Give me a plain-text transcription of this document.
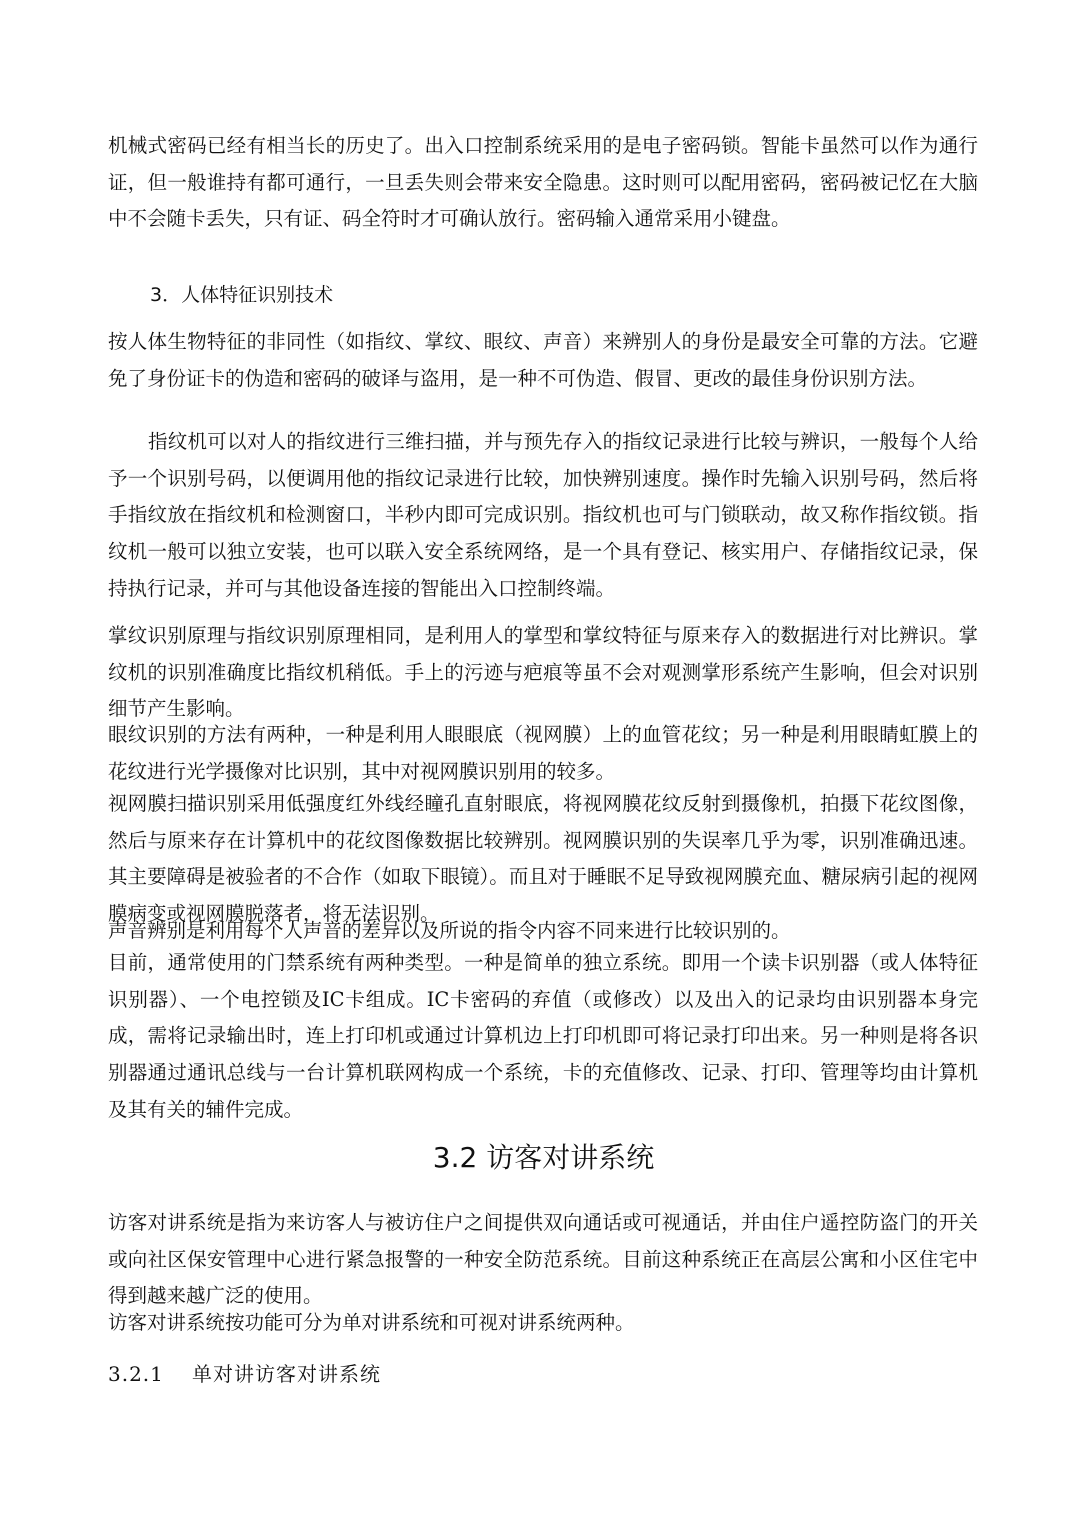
机械式密码已经有相当长的历史了。出入口控制系统采用的是电子密码锁。智能卡虽然可以作为通行证，但一般谁持有都可通行，一旦丢失则会带来安全隐患。这时则可以配用密码，密码被记忆在大脑中不会随卡丢失，只有证、码全符时才可确认放行。密码输入通常采用小键盘。

3．人体特征识别技术

按人体生物特征的非同性（如指纹、掌纹、眼纹、声音）来辨别人的身份是最安全可靠的方法。它避免了身份证卡的伪造和密码的破译与盗用，是一种不可伪造、假冒、更改的最佳身份识别方法。

指纹机可以对人的指纹进行三维扫描，并与预先存入的指纹记录进行比较与辨识，一般每个人给予一个识别号码，以便调用他的指纹记录进行比较，加快辨别速度。操作时先输入识别号码，然后将手指纹放在指纹机和检测窗口，半秒内即可完成识别。指纹机也可与门锁联动，故又称作指纹锁。指纹机一般可以独立安装，也可以联入安全系统网络，是一个具有登记、核实用户、存储指纹记录，保持执行记录，并可与其他设备连接的智能出入口控制终端。

掌纹识别原理与指纹识别原理相同，是利用人的掌型和掌纹特征与原来存入的数据进行对比辨识。掌纹机的识别准确度比指纹机稍低。手上的污迹与疤痕等虽不会对观测掌形系统产生影响，但会对识别细节产生影响。

眼纹识别的方法有两种，一种是利用人眼眼底（视网膜）上的血管花纹；另一种是利用眼睛虹膜上的花纹进行光学摄像对比识别，其中对视网膜识别用的较多。

视网膜扫描识别采用低强度红外线经瞳孔直射眼底，将视网膜花纹反射到摄像机，拍摄下花纹图像，然后与原来存在计算机中的花纹图像数据比较辨别。视网膜识别的失误率几乎为零，识别准确迅速。其主要障碍是被验者的不合作（如取下眼镜）。而且对于睡眠不足导致视网膜充血、糖尿病引起的视网膜病变或视网膜脱落者，将无法识别。

声音辨别是利用每个人声音的差异以及所说的指令内容不同来进行比较识别的。

目前，通常使用的门禁系统有两种类型。一种是简单的独立系统。即用一个读卡识别器（或人体特征识别器）、一个电控锁及IC卡组成。IC卡密码的弃值（或修改）以及出入的记录均由识别器本身完成，需将记录输出时，连上打印机或通过计算机边上打印机即可将记录打印出来。另一种则是将各识别器通过通讯总线与一台计算机联网构成一个系统，卡的充值修改、记录、打印、管理等均由计算机及其有关的辅件完成。

3.2 访客对讲系统

访客对讲系统是指为来访客人与被访住户之间提供双向通话或可视通话，并由住户遥控防盗门的开关或向社区保安管理中心进行紧急报警的一种安全防范系统。目前这种系统正在高层公寓和小区住宅中得到越来越广泛的使用。

访客对讲系统按功能可分为单对讲系统和可视对讲系统两种。

3.2.1 单对讲访客对讲系统
